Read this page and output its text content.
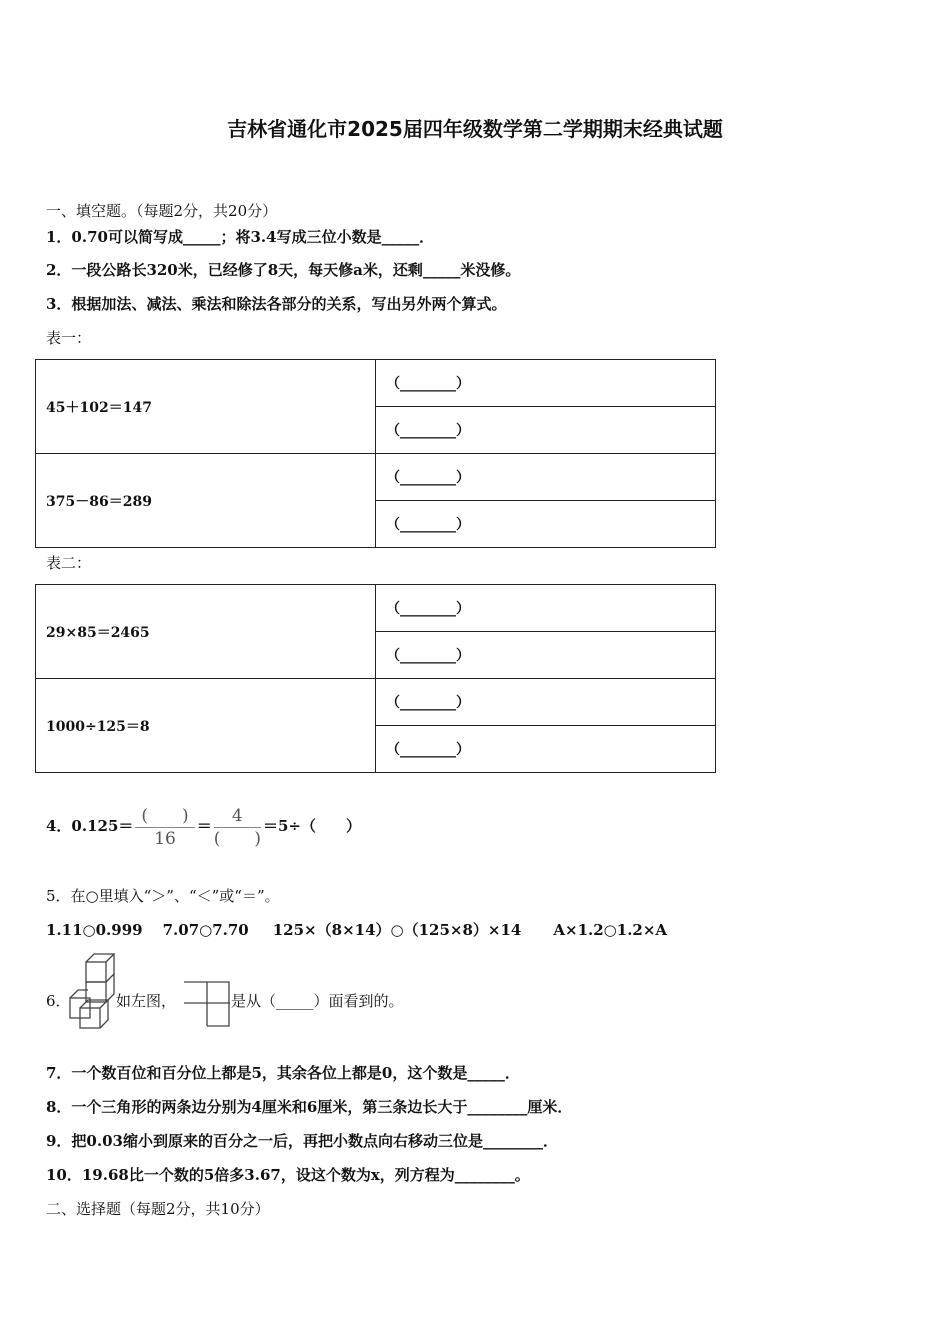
吉林省通化市2025届四年级数学第二学期期末经典试题
一、填空题。（每题2分，共20分）
1．0.70可以简写成_____；将3.4写成三位小数是_____．
2．一段公路长320米，已经修了8天，每天修a米，还剩_____米没修。
3．根据加法、减法、乘法和除法各部分的关系，写出另外两个算式。
表一：
45＋102＝147	（________）
	（________）
375－86＝289	（________）
	（________）
表二：
29×85＝2465	（________）
	（________）
1000÷125＝8	（________）
	（________）
4．$0.125= \frac{( )}{16} = \frac{4}{( )} =5\div$（　　）
5．在○里填入“＞”、“＜”或“＝”。
1.11○0.999 7.07○7.70 125×（8×14）○（125×8）×14 A×1.2○1.2×A
6．	如左图，	是从（_____）面看到的。
7．一个数百位和百分位上都是5，其余各位上都是0，这个数是_____．
8．一个三角形的两条边分别为4厘米和6厘米，第三条边长大于________厘米．
9．把0.03缩小到原来的百分之一后，再把小数点向右移动三位是________．
10．19.68比一个数的5倍多3.67，设这个数为x，列方程为________。
二、选择题（每题2分，共10分）
